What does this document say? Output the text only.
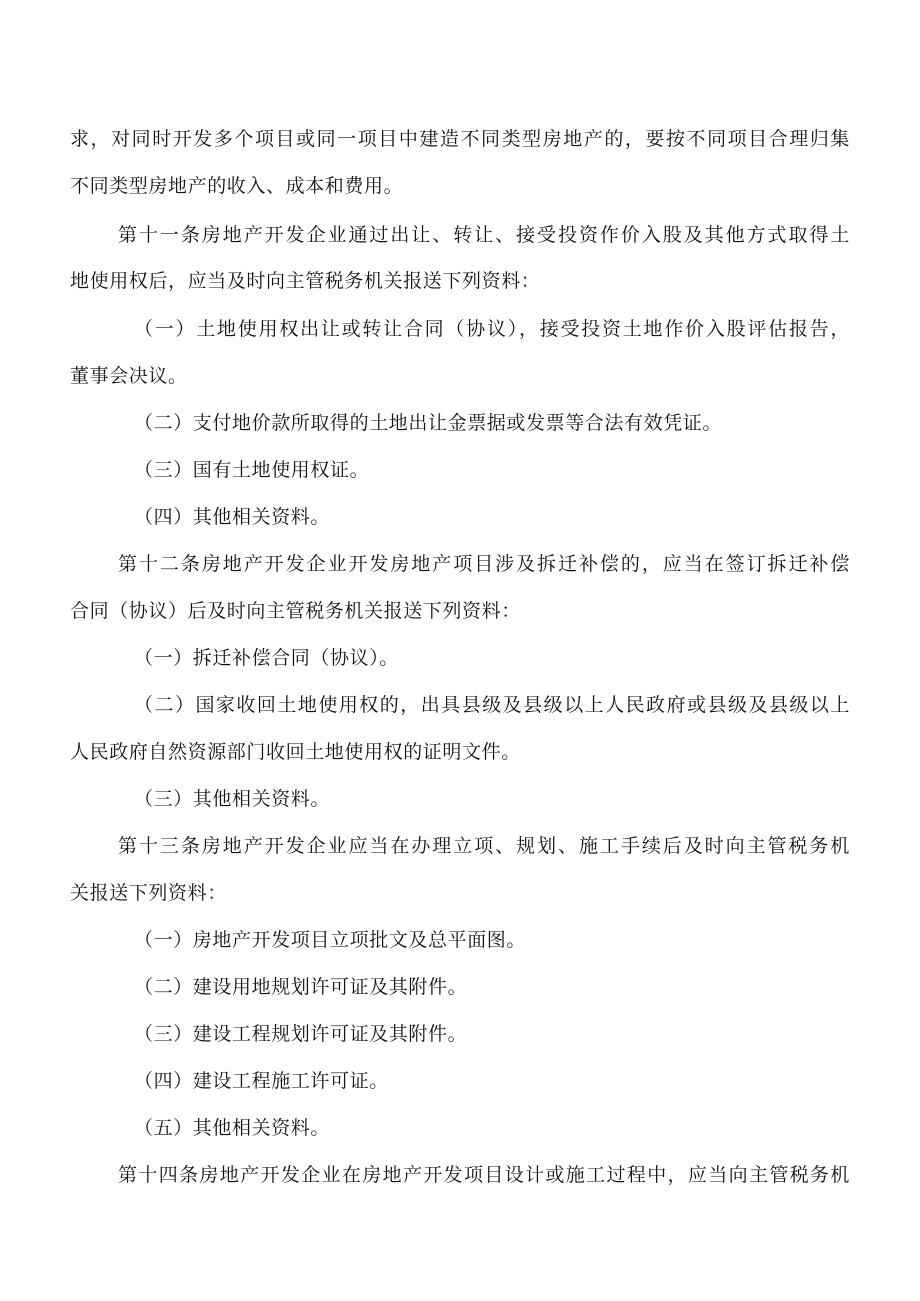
求，对同时开发多个项目或同一项目中建造不同类型房地产的，要按不同项目合理归集
不同类型房地产的收入、成本和费用。
第十一条房地产开发企业通过出让、转让、接受投资作价入股及其他方式取得土
地使用权后，应当及时向主管税务机关报送下列资料：
（一）土地使用权出让或转让合同（协议），接受投资土地作价入股评估报告，
董事会决议。
（二）支付地价款所取得的土地出让金票据或发票等合法有效凭证。
（三）国有土地使用权证。
（四）其他相关资料。
第十二条房地产开发企业开发房地产项目涉及拆迁补偿的，应当在签订拆迁补偿
合同（协议）后及时向主管税务机关报送下列资料：
（一）拆迁补偿合同（协议）。
（二）国家收回土地使用权的，出具县级及县级以上人民政府或县级及县级以上
人民政府自然资源部门收回土地使用权的证明文件。
（三）其他相关资料。
第十三条房地产开发企业应当在办理立项、规划、施工手续后及时向主管税务机
关报送下列资料：
（一）房地产开发项目立项批文及总平面图。
（二）建设用地规划许可证及其附件。
（三）建设工程规划许可证及其附件。
（四）建设工程施工许可证。
（五）其他相关资料。
第十四条房地产开发企业在房地产开发项目设计或施工过程中，应当向主管税务机
